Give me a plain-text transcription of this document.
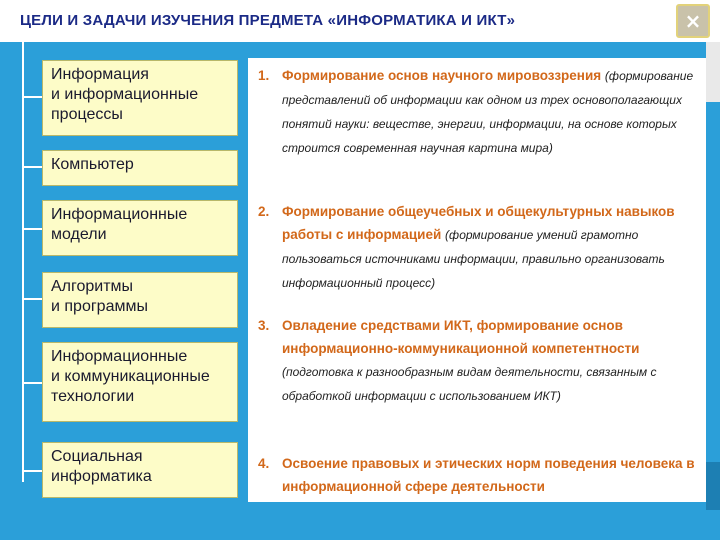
ЦЕЛИ И ЗАДАЧИ ИЗУЧЕНИЯ ПРЕДМЕТА «ИНФОРМАТИКА И ИКТ»	×
Информация
и информационные
процессы
Компьютер
Информационные
модели
Алгоритмы
и программы
Информационные
и коммуникационные
технологии
Социальная
информатика
1. Формирование основ научного мировоззрения (формирование представлений об информации как одном из трех основополагающих понятий науки: веществе, энергии, информации, на основе которых строится современная научная картина мира)
2. Формирование общеучебных и общекультурных навыков работы с информацией (формирование умений грамотно пользоваться источниками информации, правильно организовать информационный процесс)
3. Овладение средствами ИКТ, формирование основ информационно-коммуникационной компетентности (подготовка к разнообразным видам деятельности, связанным с обработкой информации с использованием ИКТ)
4. Освоение правовых и этических норм поведения человека в информационной сфере деятельности
